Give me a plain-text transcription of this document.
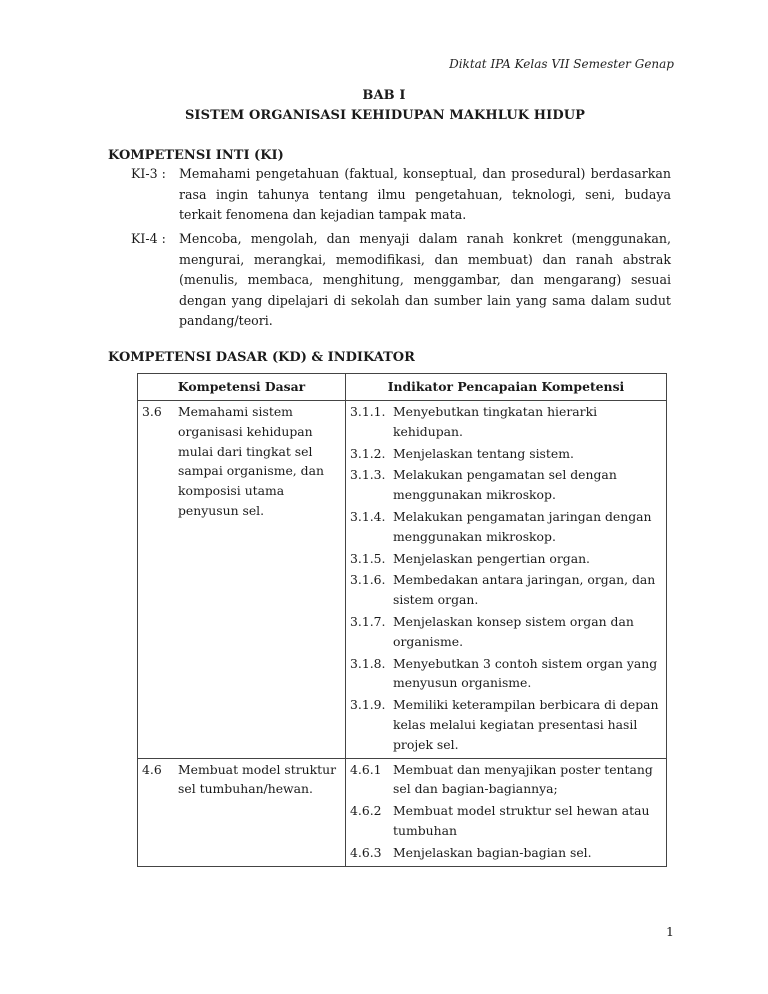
Diktat IPA Kelas VII Semester Genap
BAB I
SISTEM ORGANISASI KEHIDUPAN MAKHLUK HIDUP
KOMPETENSI INTI (KI)
KI-3 :	Memahami pengetahuan (faktual, konseptual, dan prosedural) berdasarkan rasa ingin tahunya tentang ilmu pengetahuan, teknologi, seni, budaya terkait fenomena dan kejadian tampak mata.
KI-4 :	Mencoba, mengolah, dan menyaji dalam ranah konkret (menggunakan, mengurai, merangkai, memodifikasi, dan membuat) dan ranah abstrak (menulis, membaca, menghitung, menggambar, dan mengarang) sesuai dengan yang dipelajari di sekolah dan sumber lain yang sama dalam sudut pandang/teori.
KOMPETENSI DASAR (KD) & INDIKATOR
Kompetensi Dasar	Indikator Pencapaian Kompetensi

3.6	Memahami sistem organisasi kehidupan mulai dari tingkat sel sampai organisme, dan komposisi utama penyusun sel.

3.1.1. Menyebutkan tingkatan hierarki kehidupan.
3.1.2. Menjelaskan tentang sistem.
3.1.3. Melakukan pengamatan sel dengan menggunakan mikroskop.
3.1.4. Melakukan pengamatan jaringan dengan menggunakan mikroskop.
3.1.5. Menjelaskan pengertian organ.
3.1.6. Membedakan antara jaringan, organ, dan sistem organ.
3.1.7. Menjelaskan konsep sistem organ dan organisme.
3.1.8. Menyebutkan 3 contoh sistem organ yang menyusun organisme.
3.1.9. Memiliki keterampilan berbicara di depan kelas melalui kegiatan presentasi hasil projek sel.

4.6	Membuat model struktur sel tumbuhan/hewan.

4.6.1 Membuat dan menyajikan poster tentang sel dan bagian-bagiannya;
4.6.2 Membuat model struktur sel hewan atau tumbuhan
4.6.3 Menjelaskan bagian-bagian sel.
1
